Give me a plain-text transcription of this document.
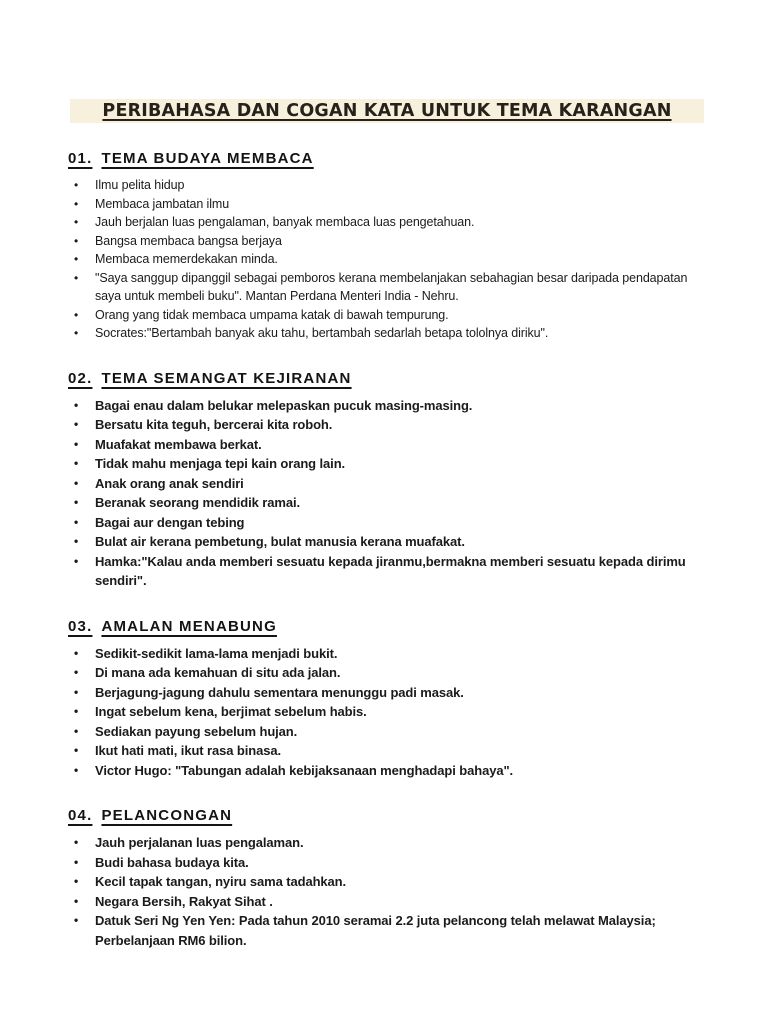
PERIBAHASA DAN COGAN KATA UNTUK TEMA KARANGAN
01. TEMA BUDAYA MEMBACA
•	Ilmu pelita hidup
•	Membaca jambatan ilmu
•	Jauh berjalan luas pengalaman, banyak membaca luas pengetahuan.
•	Bangsa membaca bangsa berjaya
•	Membaca memerdekakan minda.
•	"Saya sanggup dipanggil sebagai pemboros kerana membelanjakan sebahagian besar daripada pendapatan saya untuk membeli buku". Mantan Perdana Menteri India - Nehru.
•	Orang yang tidak membaca umpama katak di bawah tempurung.
•	Socrates:"Bertambah banyak aku tahu, bertambah sedarlah betapa tololnya diriku".
02. TEMA SEMANGAT KEJIRANAN
•	Bagai enau dalam belukar melepaskan pucuk masing-masing.
•	Bersatu kita teguh, bercerai kita roboh.
•	Muafakat membawa berkat.
•	Tidak mahu menjaga tepi kain orang lain.
•	Anak orang anak sendiri
•	Beranak seorang mendidik ramai.
•	Bagai aur dengan tebing
•	Bulat air kerana pembetung, bulat manusia kerana muafakat.
•	Hamka:"Kalau anda memberi sesuatu kepada jiranmu,bermakna memberi sesuatu kepada dirimu sendiri".
03. AMALAN MENABUNG
•	Sedikit-sedikit lama-lama menjadi bukit.
•	Di mana ada kemahuan di situ ada jalan.
•	Berjagung-jagung dahulu sementara menunggu padi masak.
•	Ingat sebelum kena, berjimat sebelum habis.
•	Sediakan payung sebelum hujan.
•	Ikut hati mati, ikut rasa binasa.
•	Victor Hugo: "Tabungan adalah kebijaksanaan menghadapi bahaya".
04. PELANCONGAN
•	Jauh perjalanan luas pengalaman.
•	Budi bahasa budaya kita.
•	Kecil tapak tangan, nyiru sama tadahkan.
•	Negara Bersih, Rakyat Sihat .
•	Datuk Seri Ng Yen Yen: Pada tahun 2010 seramai 2.2 juta pelancong telah melawat Malaysia; Perbelanjaan RM6 bilion.
